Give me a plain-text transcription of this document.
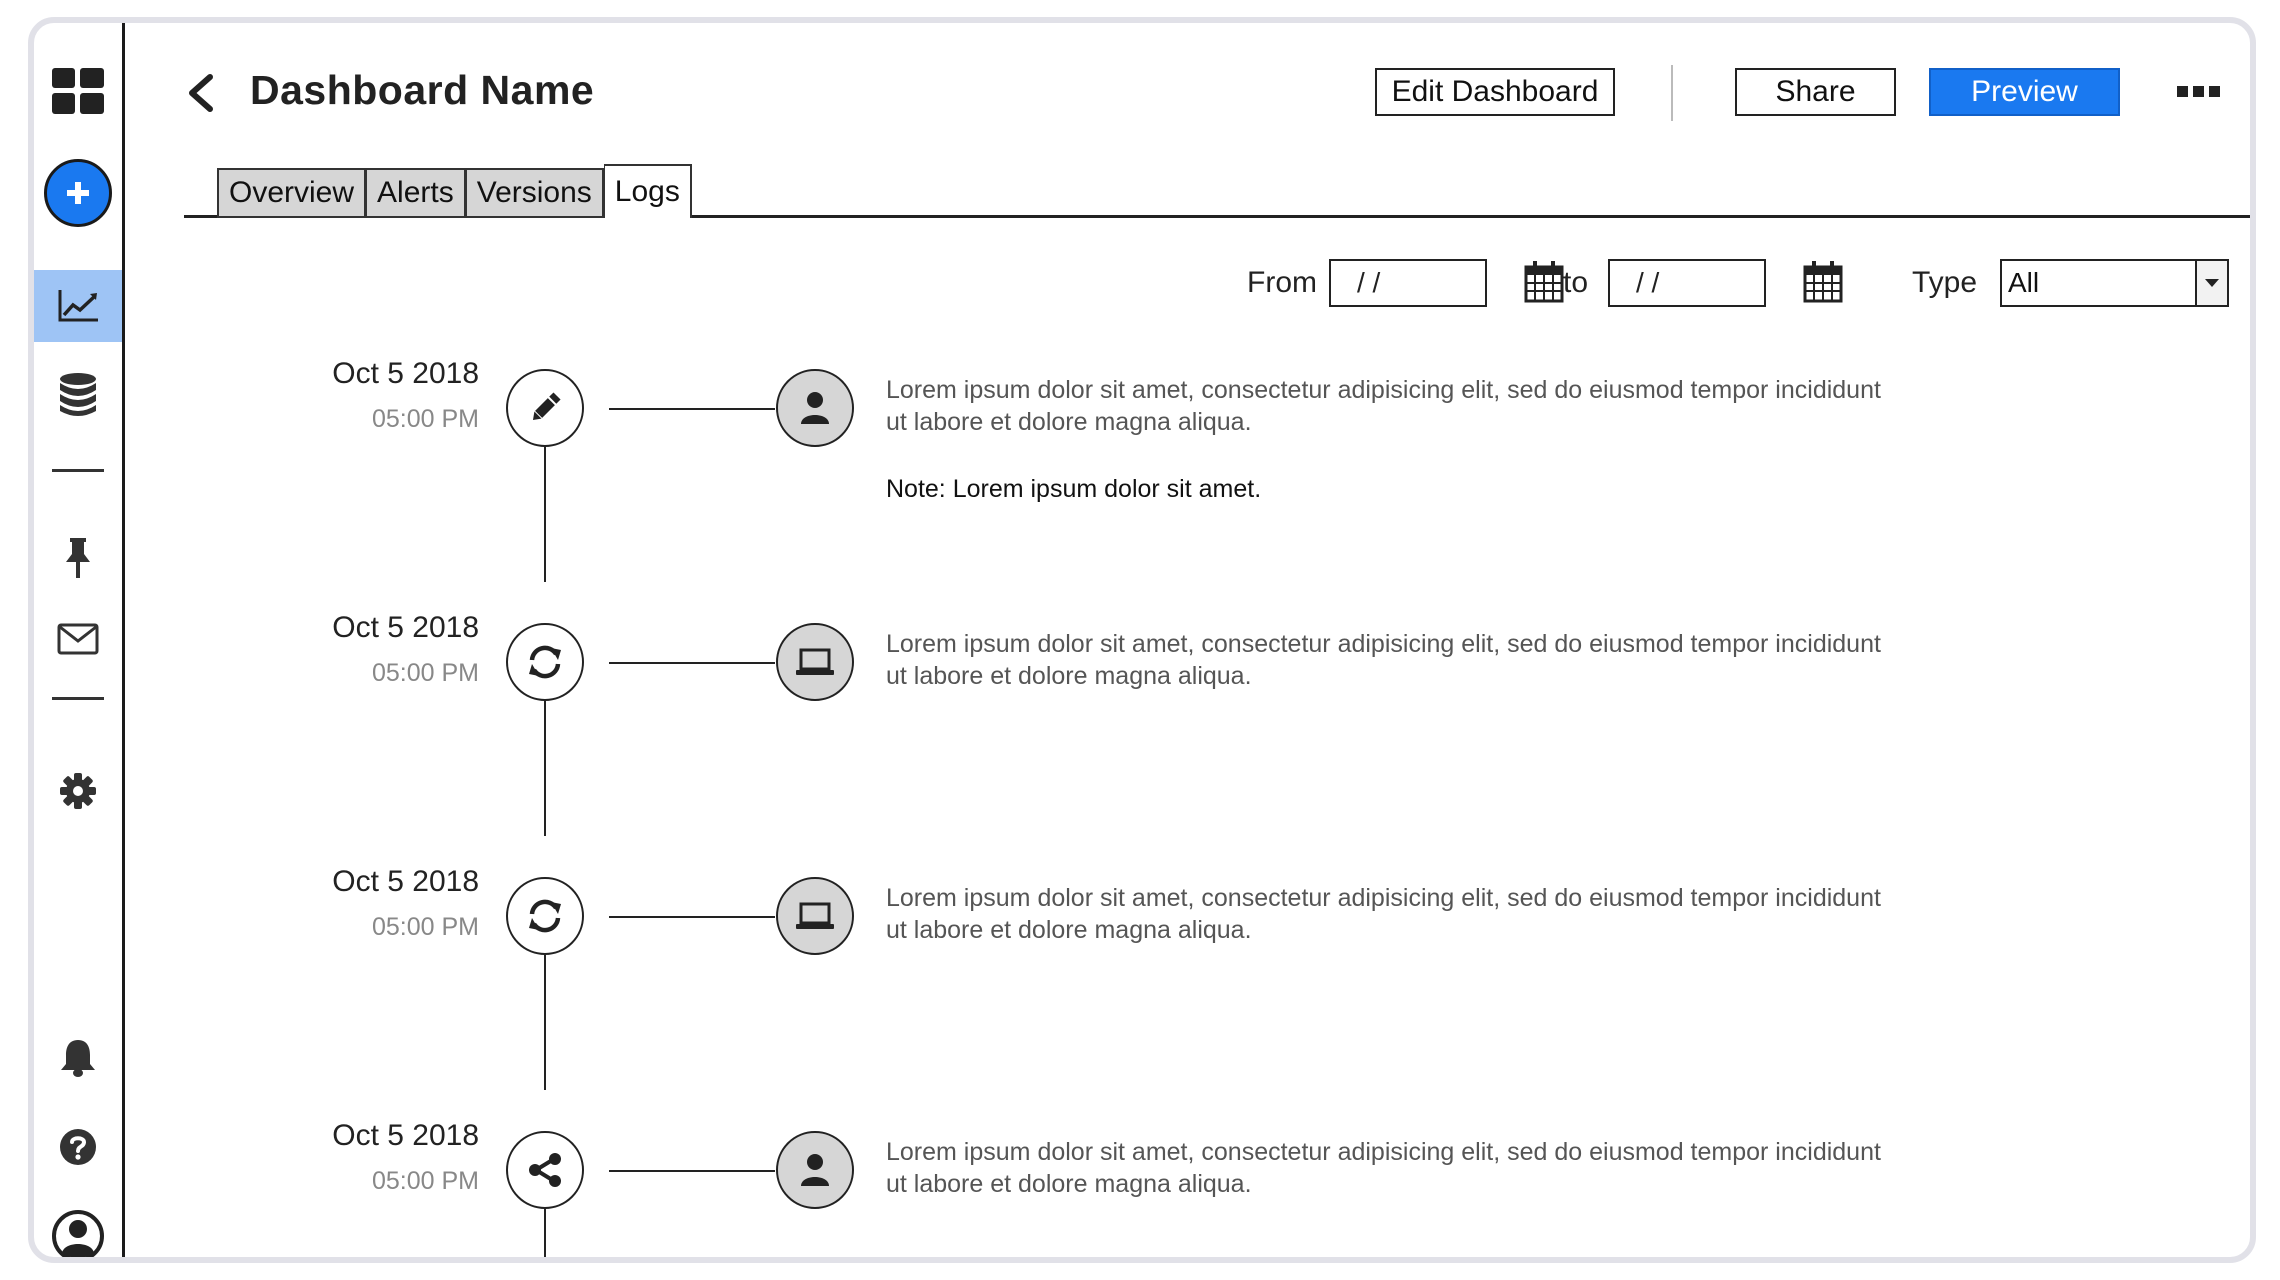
Dashboard Name	Edit Dashboard	Share	Preview
Overview Alerts Versions Logs
From
/ /	to
/ /	Type All
Oct 5 2018
05:00 PM
Lorem ipsum dolor sit amet, consectetur adipisicing elit, sed do eiusmod tempor incididunt ut labore et dolore magna aliqua.
Note: Lorem ipsum dolor sit amet.
Oct 5 2018
05:00 PM
Lorem ipsum dolor sit amet, consectetur adipisicing elit, sed do eiusmod tempor incididunt ut labore et dolore magna aliqua.
Oct 5 2018
05:00 PM
Lorem ipsum dolor sit amet, consectetur adipisicing elit, sed do eiusmod tempor incididunt ut labore et dolore magna aliqua.
Oct 5 2018
05:00 PM
Lorem ipsum dolor sit amet, consectetur adipisicing elit, sed do eiusmod tempor incididunt ut labore et dolore magna aliqua.
